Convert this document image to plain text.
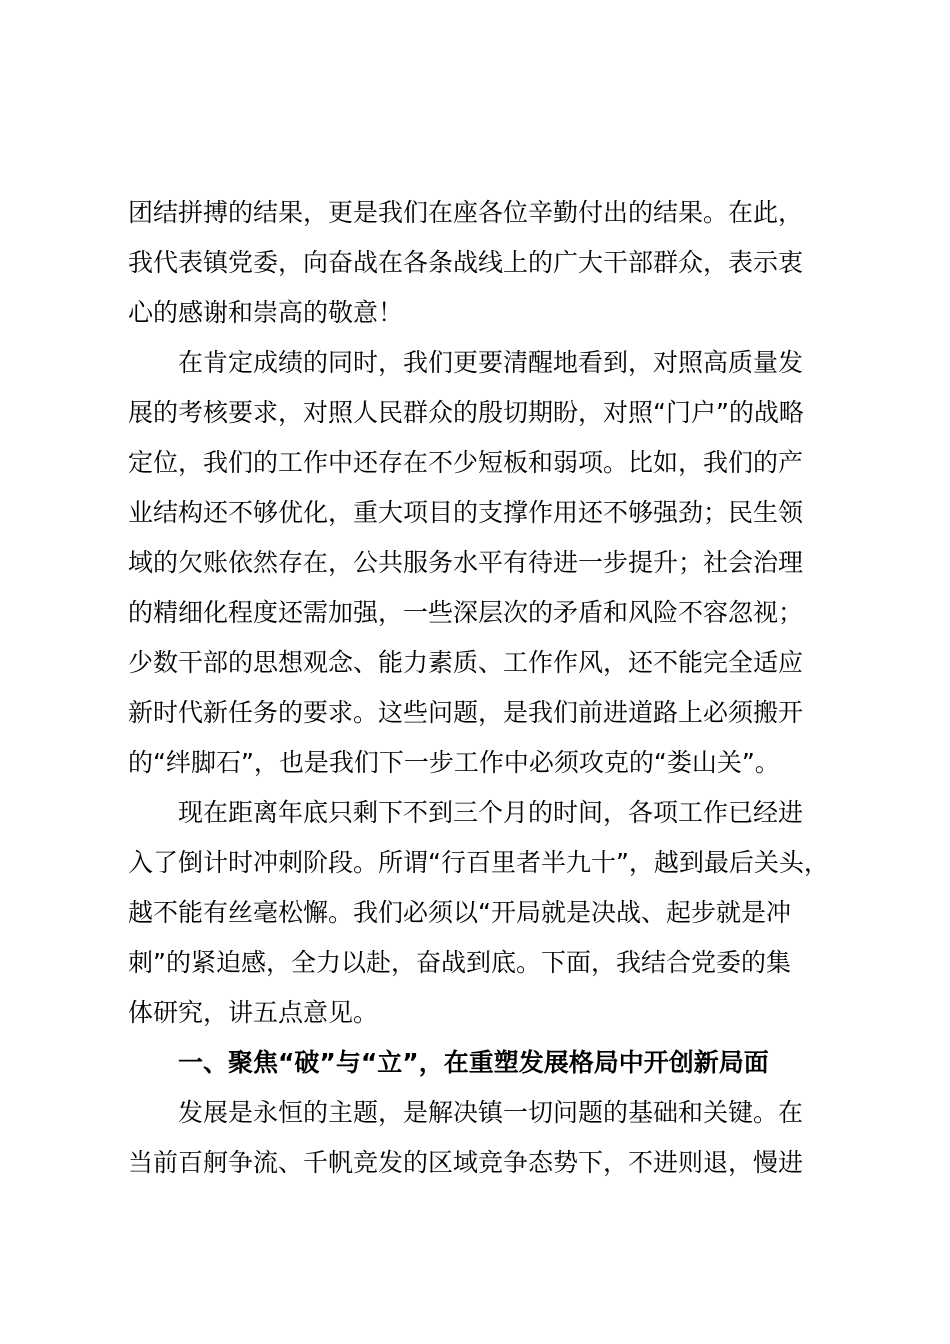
团结拼搏的结果，更是我们在座各位辛勤付出的结果。在此，
我代表镇党委，向奋战在各条战线上的广大干部群众，表示衷
心的感谢和崇高的敬意！
在肯定成绩的同时，我们更要清醒地看到，对照高质量发
展的考核要求，对照人民群众的殷切期盼，对照“门户”的战略
定位，我们的工作中还存在不少短板和弱项。比如，我们的产
业结构还不够优化，重大项目的支撑作用还不够强劲；民生领
域的欠账依然存在，公共服务水平有待进一步提升；社会治理
的精细化程度还需加强，一些深层次的矛盾和风险不容忽视；
少数干部的思想观念、能力素质、工作作风，还不能完全适应
新时代新任务的要求。这些问题，是我们前进道路上必须搬开
的“绊脚石”，也是我们下一步工作中必须攻克的“娄山关”。
现在距离年底只剩下不到三个月的时间，各项工作已经进
入了倒计时冲刺阶段。所谓“行百里者半九十”，越到最后关头，
越不能有丝毫松懈。我们必须以“开局就是决战、起步就是冲
刺”的紧迫感，全力以赴，奋战到底。下面，我结合党委的集
体研究，讲五点意见。
一、聚焦“破”与“立”，在重塑发展格局中开创新局面
发展是永恒的主题，是解决镇一切问题的基础和关键。在
当前百舸争流、千帆竞发的区域竞争态势下，不进则退，慢进
